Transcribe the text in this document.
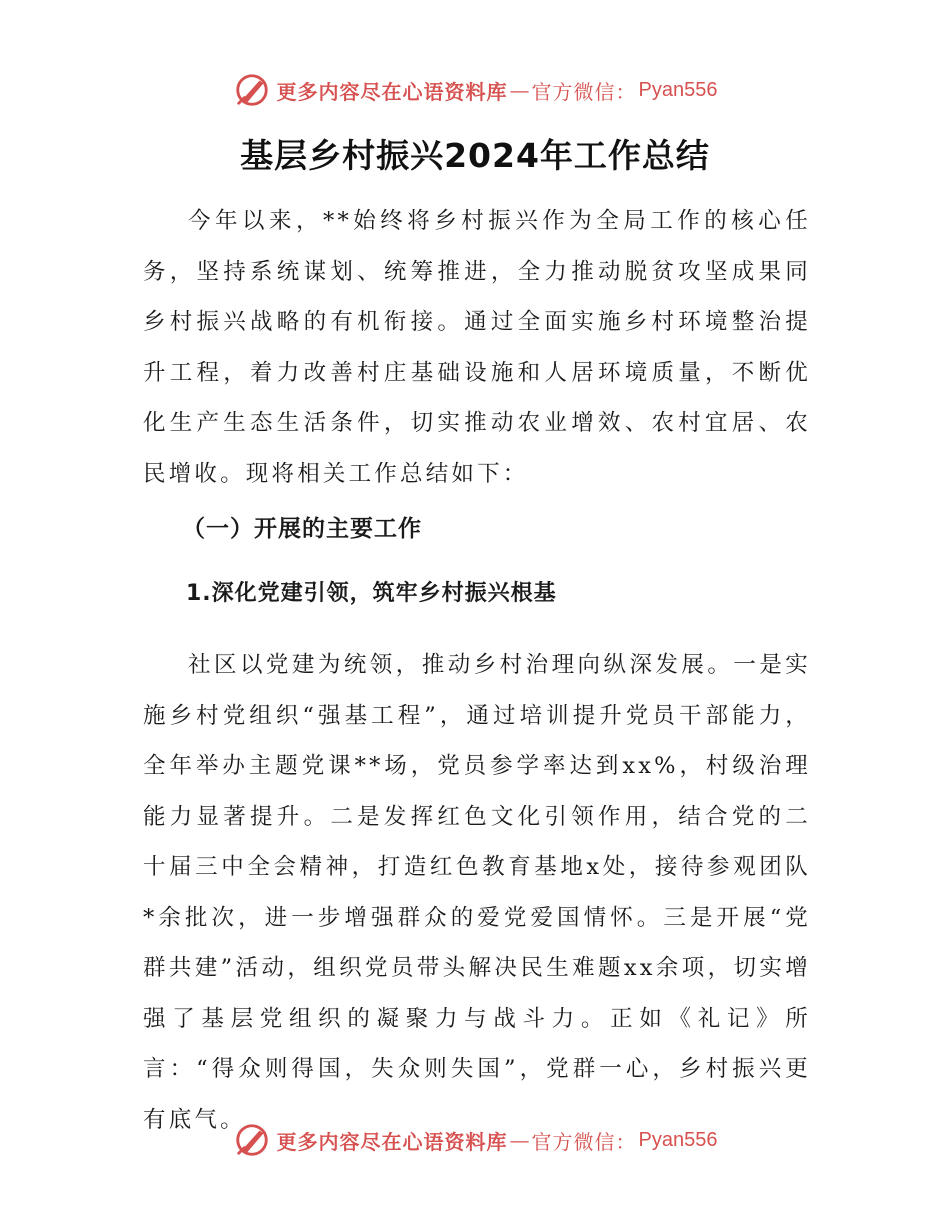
更多内容尽在心语资料库 — 官方微信： Pyan556
基层乡村振兴2024年工作总结

今年以来，**始终将乡村振兴作为全局工作的核心任务，坚持系统谋划、统筹推进，全力推动脱贫攻坚成果同乡村振兴战略的有机衔接。通过全面实施乡村环境整治提升工程，着力改善村庄基础设施和人居环境质量，不断优化生产生态生活条件，切实推动农业增效、农村宜居、农民增收。现将相关工作总结如下：

（一）开展的主要工作
1.深化党建引领，筑牢乡村振兴根基

社区以党建为统领，推动乡村治理向纵深发展。一是实施乡村党组织“强基工程”，通过培训提升党员干部能力，全年举办主题党课**场，党员参学率达到xx%，村级治理能力显著提升。二是发挥红色文化引领作用，结合党的二十届三中全会精神，打造红色教育基地x处，接待参观团队*余批次，进一步增强群众的爱党爱国情怀。三是开展“党群共建”活动，组织党员带头解决民生难题xx余项，切实增强了基层党组织的凝聚力与战斗力。正如《礼记》所言：“得众则得国，失众则失国”，党群一心，乡村振兴更有底气。

更多内容尽在心语资料库 — 官方微信： Pyan556
